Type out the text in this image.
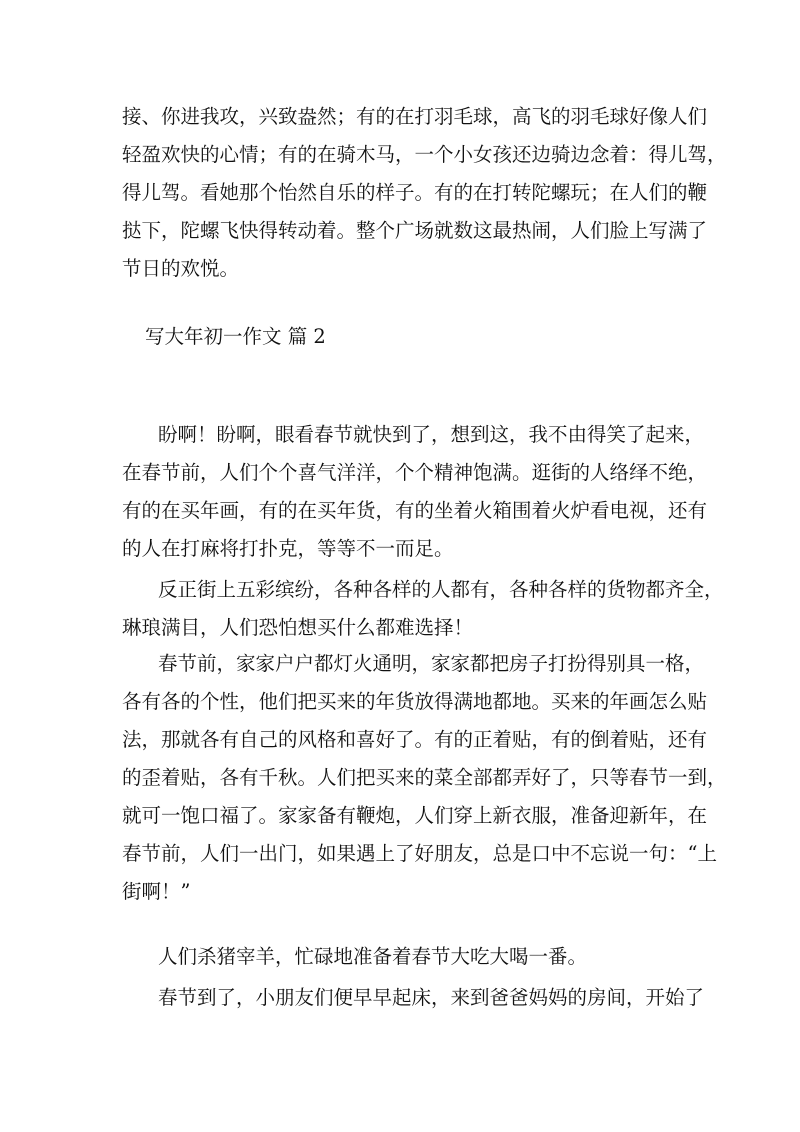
接、你进我攻，兴致盎然；有的在打羽毛球，高飞的羽毛球好像人们
轻盈欢快的心情；有的在骑木马，一个小女孩还边骑边念着：得儿驾，
得儿驾。看她那个怡然自乐的样子。有的在打转陀螺玩；在人们的鞭
挞下，陀螺飞快得转动着。整个广场就数这最热闹，人们脸上写满了
节日的欢悦。
写大年初一作文 篇 2
盼啊！盼啊，眼看春节就快到了，想到这，我不由得笑了起来，
在春节前，人们个个喜气洋洋，个个精神饱满。逛街的人络绎不绝，
有的在买年画，有的在买年货，有的坐着火箱围着火炉看电视，还有
的人在打麻将打扑克，等等不一而足。
反正街上五彩缤纷，各种各样的人都有，各种各样的货物都齐全，
琳琅满目，人们恐怕想买什么都难选择！
春节前，家家户户都灯火通明，家家都把房子打扮得别具一格，
各有各的个性，他们把买来的年货放得满地都地。买来的年画怎么贴
法，那就各有自己的风格和喜好了。有的正着贴，有的倒着贴，还有
的歪着贴，各有千秋。人们把买来的菜全部都弄好了，只等春节一到，
就可一饱口福了。家家备有鞭炮，人们穿上新衣服，准备迎新年，在
春节前，人们一出门，如果遇上了好朋友，总是口中不忘说一句：“上
街啊！”
人们杀猪宰羊，忙碌地准备着春节大吃大喝一番。
春节到了，小朋友们便早早起床，来到爸爸妈妈的房间，开始了
